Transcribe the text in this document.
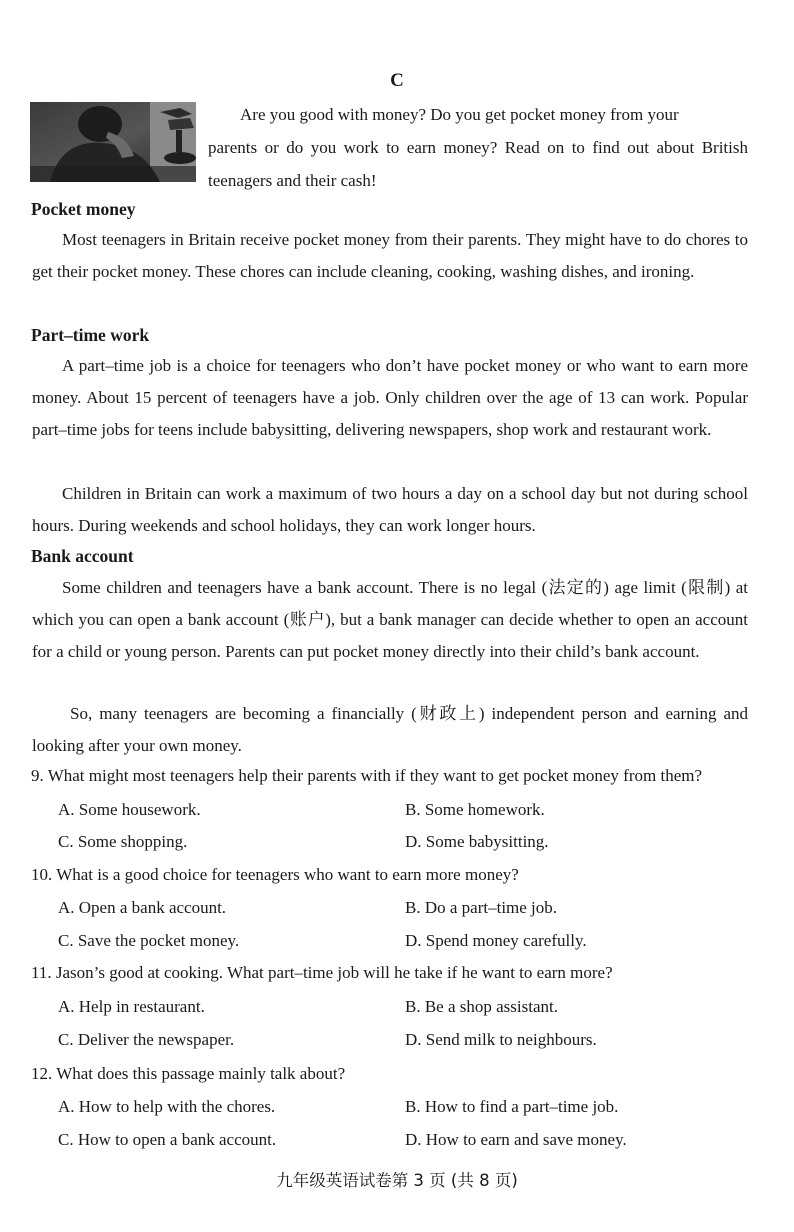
C
Are you good with money? Do you get pocket money from your
parents or do you work to earn money? Read on to find out about British teenagers and their cash!
Pocket money
Most teenagers in Britain receive pocket money from their parents. They might have to do chores to get their pocket money. These chores can include cleaning, cooking, washing dishes, and ironing.
Part–time work
A part–time job is a choice for teenagers who don’t have pocket money or who want to earn more money. About 15 percent of teenagers have a job. Only children over the age of 13 can work. Popular part–time jobs for teens include babysitting, delivering newspapers, shop work and restaurant work.
Children in Britain can work a maximum of two hours a day on a school day but not during school hours. During weekends and school holidays, they can work longer hours.
Bank account
Some children and teenagers have a bank account. There is no legal (法定的) age limit (限制) at which you can open a bank account (账户), but a bank manager can decide whether to open an account for a child or young person. Parents can put pocket money directly into their child’s bank account.
So, many teenagers are becoming a financially (财政上) independent person and earning and looking after your own money.
9. What might most teenagers help their parents with if they want to get pocket money from them?
A. Some housework.	B. Some homework.
C. Some shopping.	D. Some babysitting.
10. What is a good choice for teenagers who want to earn more money?
A. Open a bank account.	B. Do a part–time job.
C. Save the pocket money.	D. Spend money carefully.
11. Jason’s good at cooking. What part–time job will he take if he want to earn more?
A. Help in restaurant.	B. Be a shop assistant.
C. Deliver the newspaper.	D. Send milk to neighbours.
12. What does this passage mainly talk about?
A. How to help with the chores.	B. How to find a part–time job.
C. How to open a bank account.	D. How to earn and save money.
九年级英语试卷第 3 页 (共 8 页)
